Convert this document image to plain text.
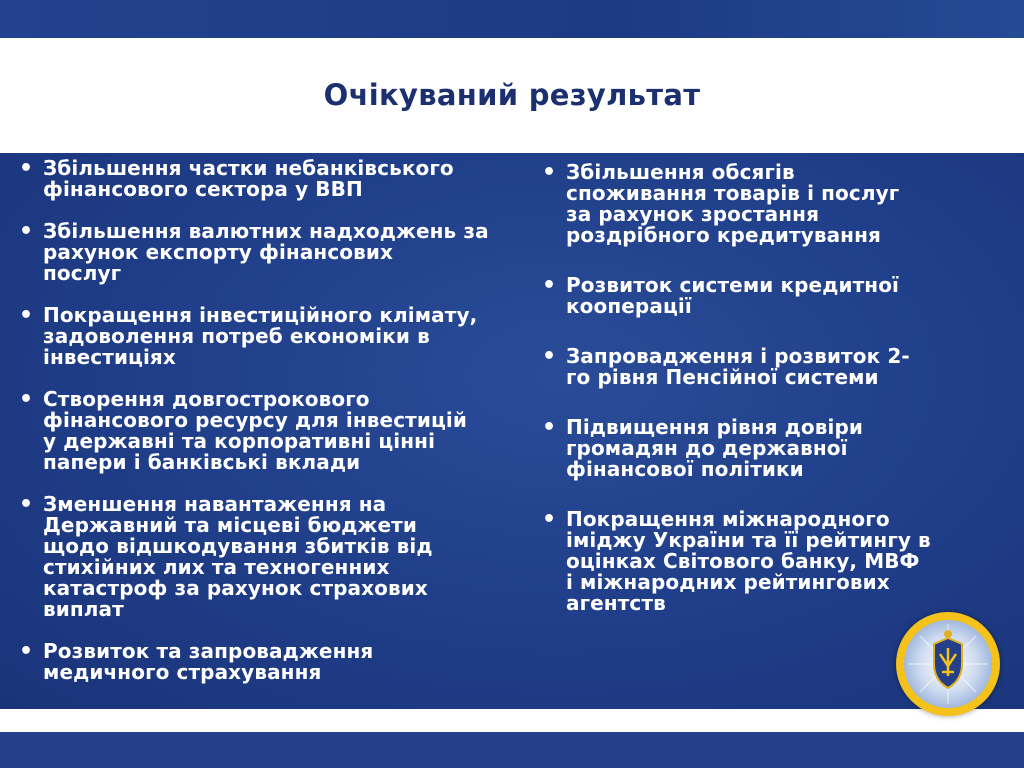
Очікуваний результат
• Збільшення частки небанківського
фінансового сектора у ВВП
• Збільшення валютних надходжень за
рахунок експорту фінансових
послуг
• Покращення інвестиційного клімату,
задоволення потреб економіки в
інвестиціях
• Створення довгострокового
фінансового ресурсу для інвестицій
у державні та корпоративні цінні
папери і банківські вклади
• Зменшення навантаження на
Державний та місцеві бюджети
щодо відшкодування збитків від
стихійних лих та техногенних
катастроф за рахунок страхових
виплат
• Розвиток та запровадження
медичного страхування
• Збільшення обсягів
споживання товарів і послуг
за рахунок зростання
роздрібного кредитування
• Розвиток системи кредитної
кооперації
• Запровадження і розвиток 2-
го рівня Пенсійної системи
• Підвищення рівня довіри
громадян до державної
фінансової політики
• Покращення міжнародного
іміджу України та її рейтингу в
оцінках Світового банку, МВФ
і міжнародних рейтингових
агентств
